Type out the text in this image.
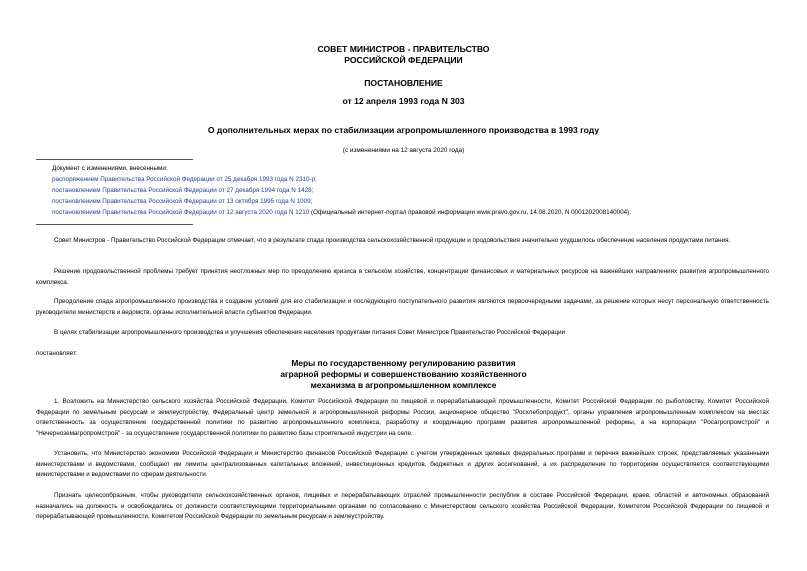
СОВЕТ МИНИСТРОВ - ПРАВИТЕЛЬСТВО
РОССИЙСКОЙ ФЕДЕРАЦИИ
ПОСТАНОВЛЕНИЕ
от 12 апреля 1993 года N 303
О дополнительных мерах по стабилизации агропромышленного производства в 1993 году
(с изменениями на 12 августа 2020 года)
Документ с изменениями, внесенными:
распоряжением Правительства Российской Федерации от 25 декабря 1993 года N 2310-р;
постановлением Правительства Российской Федерации от 27 декабря 1994 года N 1428;
постановлением Правительства Российской Федерации от 13 октября 1995 года N 1009;
постановлением Правительства Российской Федерации от 12 августа 2020 года N 1210 (Официальный интернет-портал правовой информации www.pravo.gov.ru, 14.08.2020, N 0001202008140004).
Совет Министров - Правительство Российской Федерации отмечает, что в результате спада производства сельскохозяйственной продукции и продовольствия значительно ухудшилось обеспечение населения продуктами питания.
Решение продовольственной проблемы требует принятия неотложных мер по преодолению кризиса в сельском хозяйстве, концентрации финансовых и материальных ресурсов на важнейших направлениях развития агропромышленного комплекса.
Преодоление спада агропромышленного производства и создание условий для его стабилизации и последующего поступательного развития являются первоочередными задачами, за решение которых несут персональную ответственность руководители министерств и ведомств, органы исполнительной власти субъектов Федерации.
В целях стабилизации агропромышленного производства и улучшения обеспечения населения продуктами питания Совет Министров Правительство Российской Федерации
постановляет:
Меры по государственному регулированию развития
аграрной реформы и совершенствованию хозяйственного
механизма в агропромышленном комплексе
1. Возложить на Министерство сельского хозяйства Российской Федерации, Комитет Российской Федерации по пищевой и перерабатывающей промышленности, Комитет Российской Федерации по рыболовству, Комитет Российской Федерации по земельным ресурсам и землеустройству, Федеральный центр земельной и агропромышленной реформы России, акционерное общество "Росхлебопродукт", органы управления агропромышленным комплексом на местах ответственность за осуществление государственной политики по развитию агропромышленного комплекса, разработку и координацию программ развития агропромышленной реформы, а на корпорации "Росагропромстрой" и "Нечерноземагропромстрой" - за осуществление государственной политики по развитию базы строительной индустрии на селе.
Установить, что Министерство экономики Российской Федерации и Министерство финансов Российской Федерации с учетом утвержденных целевых федеральных программ и перечня важнейших строек, представляемых указанными министерствами и ведомствами, сообщают им лимиты централизованных капитальных вложений, инвестиционных кредитов, бюджетных и других ассигнований, а их распределение по территориям осуществляется соответствующими министерствами и ведомствами по сферам деятельности.
Признать целесообразным, чтобы руководители сельскохозяйственных органов, пищевых и перерабатывающих отраслей промышленности республик в составе Российской Федерации, краев, областей и автономных образований назначались на должность и освобождались от должности соответствующими территориальными органами по согласованию с Министерством сельского хозяйства Российской Федерации, Комитетом Российской Федерации по пищевой и перерабатывающей промышленности, Комитетом Российской Федерации по земельным ресурсам и землеустройству.
